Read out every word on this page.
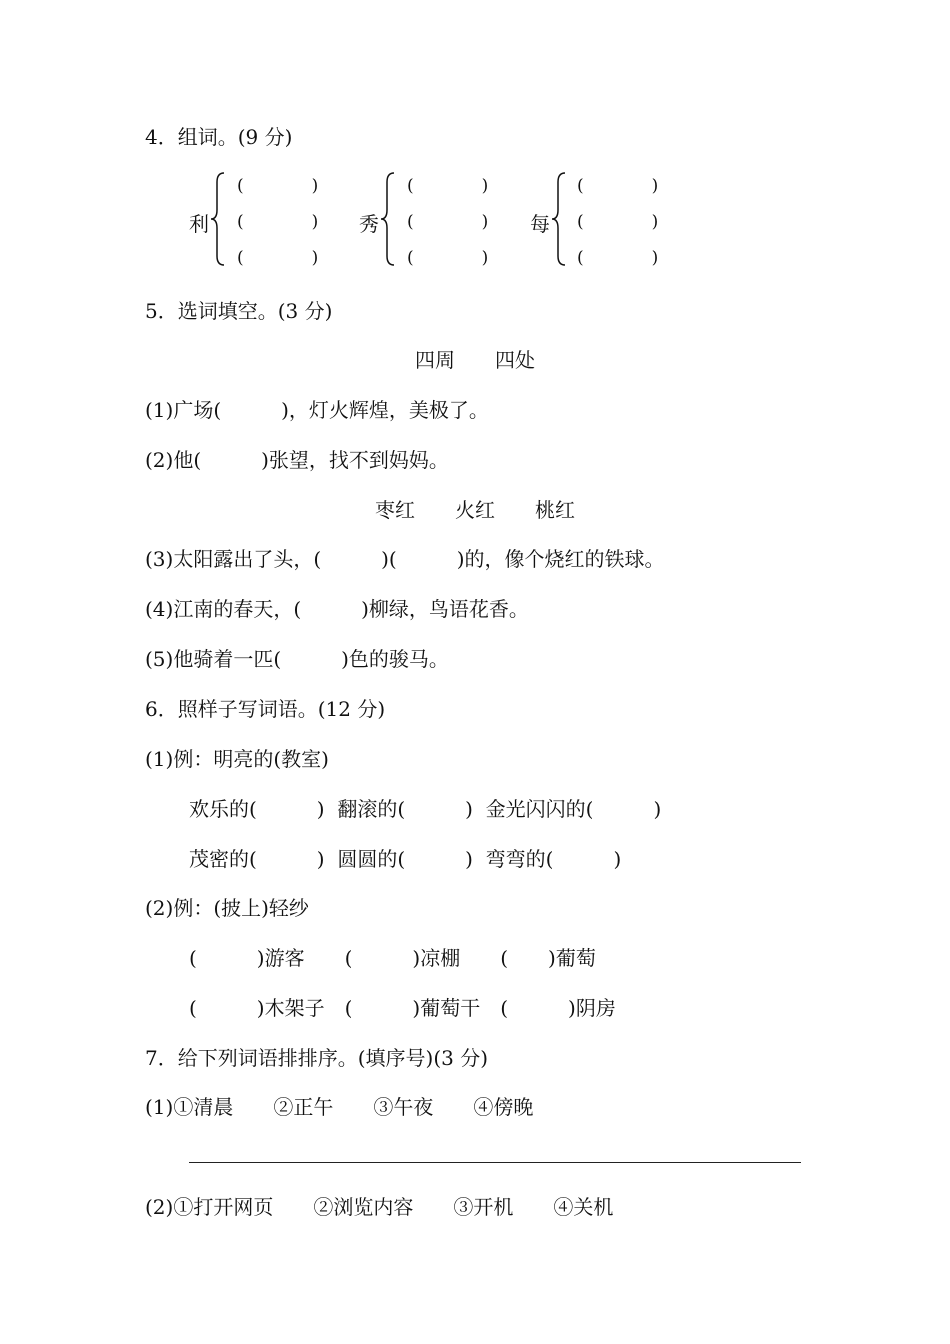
4．组词。(9 分)
利
(　　　　)
(　　　　)
(　　　　)
秀
(　　　　)
(　　　　)
(　　　　)
每
(　　　　)
(　　　　)
(　　　　)
5．选词填空。(3 分)
四周　　四处
(1)广场(　　　)，灯火辉煌，美极了。
(2)他(　　　)张望，找不到妈妈。
枣红　　火红　　桃红
(3)太阳露出了头，(　　　)(　　　)的，像个烧红的铁球。
(4)江南的春天，(　　　)柳绿，鸟语花香。
(5)他骑着一匹(　　　)色的骏马。
6．照样子写词语。(12 分)
(1)例：明亮的(教室)
欢乐的(　　　)  翻滚的(　　　)  金光闪闪的(　　　)
茂密的(　　　)  圆圆的(　　　)  弯弯的(　　　)
(2)例：(披上)轻纱
(　　　)游客　　(　　　)凉棚　　(　　)葡萄
(　　　)木架子　(　　　)葡萄干　(　　　)阴房
7．给下列词语排排序。(填序号)(3 分)
(1)①清晨　　②正午　　③午夜　　④傍晚
(2)①打开网页　　②浏览内容　　③开机　　④关机
